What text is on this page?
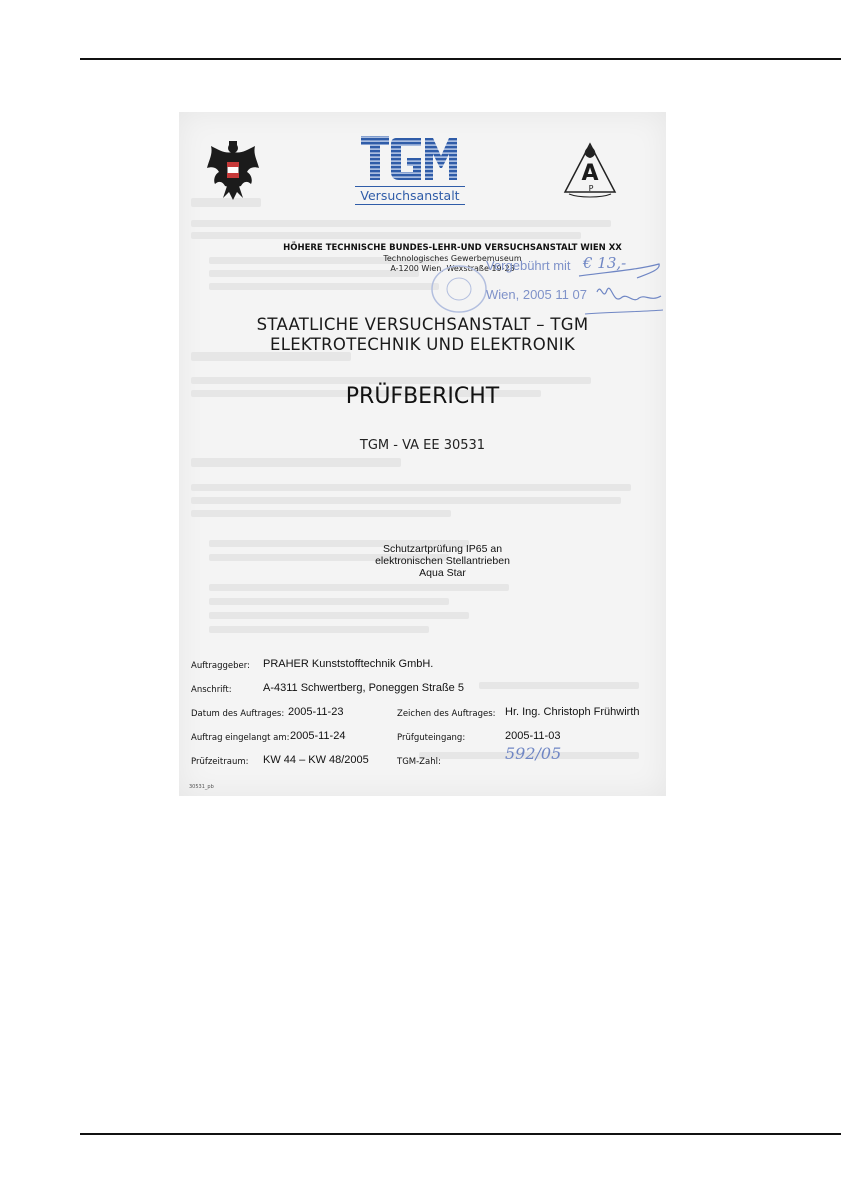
Versuchsanstalt
A
P
HÖHERE TECHNISCHE BUNDES-LEHR-UND VERSUCHSANSTALT WIEN XX
Technologisches Gewerbemuseum
A-1200 Wien, Wexstraße 19-23
Vergebührt mit € 13,-
Wien, 2005 11 07
STAATLICHE VERSUCHSANSTALT – TGM
ELEKTROTECHNIK UND ELEKTRONIK
PRÜFBERICHT
TGM - VA EE 30531
Schutzartprüfung IP65 an
elektronischen Stellantrieben
Aqua Star
Auftraggeber: PRAHER Kunststofftechnik GmbH.
Anschrift:	A-4311 Schwertberg, Poneggen Straße 5
Datum des Auftrages: 2005-11-23	Zeichen des Auftrages: Hr. Ing. Christoph Frühwirth
Auftrag eingelangt am: 2005-11-24	Prüfguteingang:	2005-11-03
Prüfzeitraum: KW 44 – KW 48/2005	TGM-Zahl:	592/05
30531_pb
